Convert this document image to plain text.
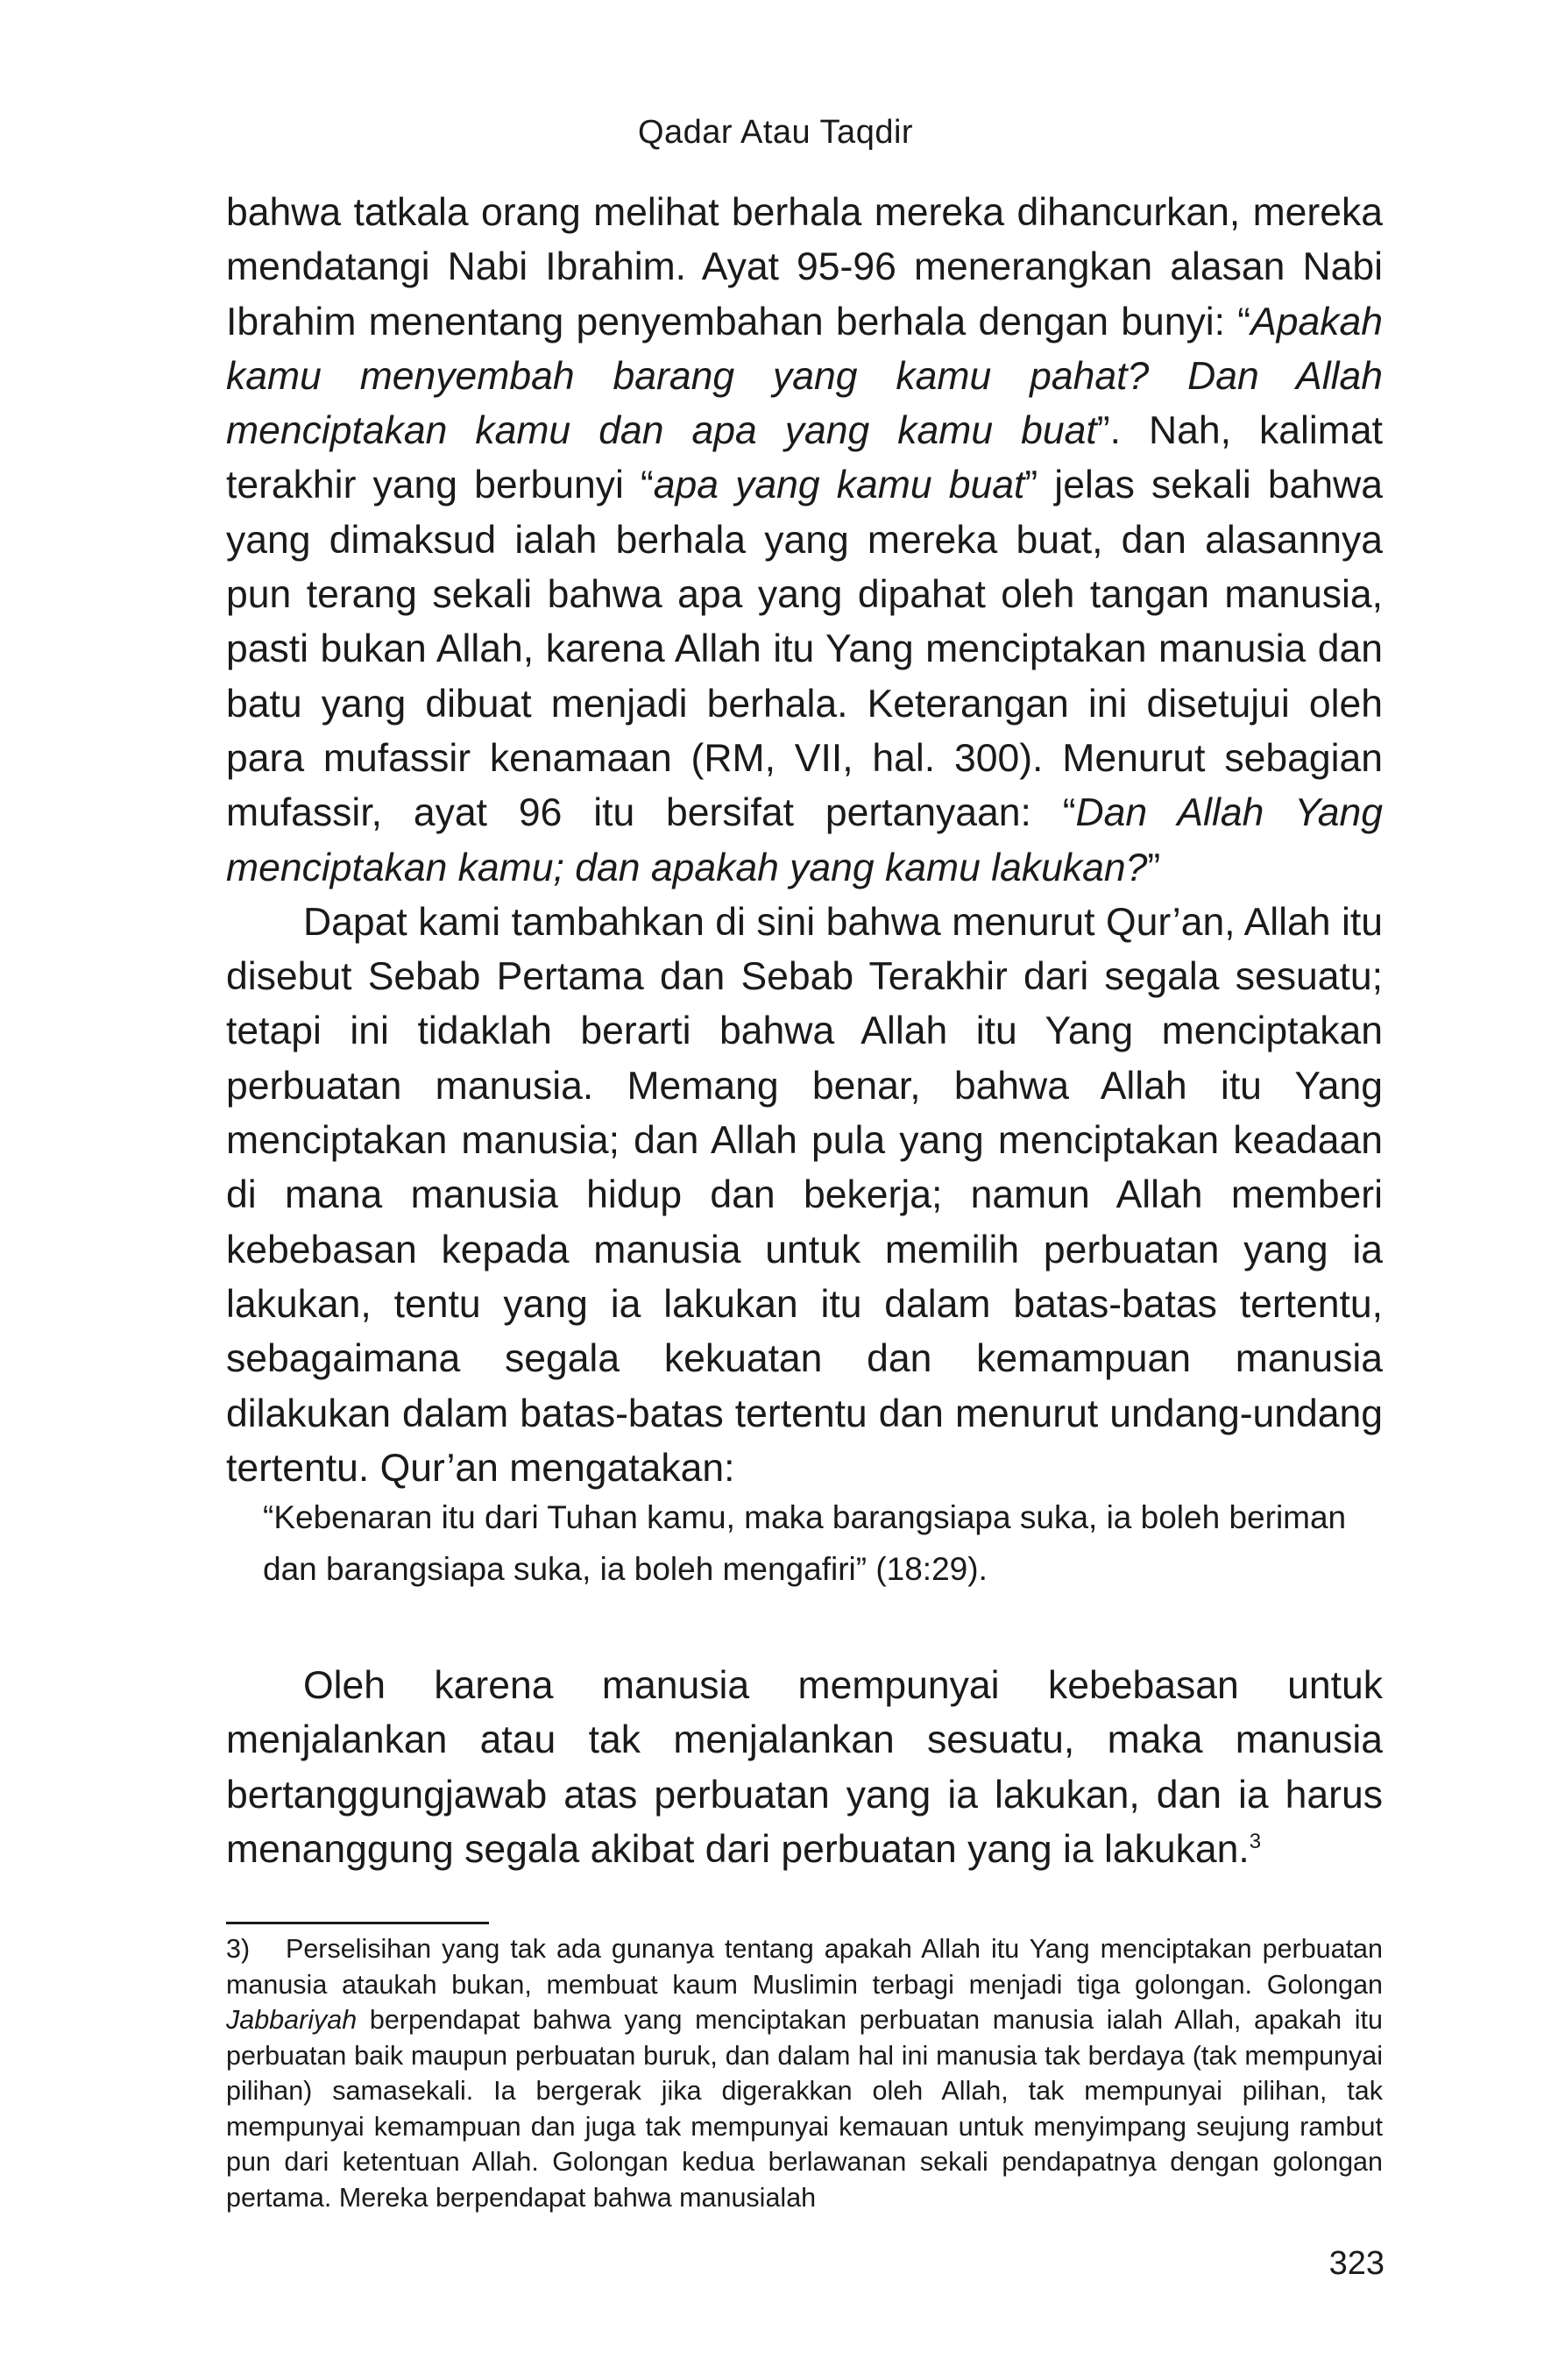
Qadar Atau Taqdir

bahwa tatkala orang melihat berhala mereka dihancurkan, mereka mendatangi Nabi Ibrahim. Ayat 95-96 menerangkan alasan Nabi Ibrahim menentang penyembahan berhala dengan bunyi: “Apakah kamu menyembah barang yang kamu pahat? Dan Allah menciptakan kamu dan apa yang kamu buat”. Nah, kalimat terakhir yang berbunyi “apa yang kamu buat” jelas sekali bahwa yang dimaksud ialah berhala yang mereka buat, dan alasannya pun terang sekali bahwa apa yang dipahat oleh tangan manusia, pasti bukan Allah, karena Allah itu Yang menciptakan manusia dan batu yang dibuat menjadi berhala. Keterangan ini disetujui oleh para mufassir kenamaan (RM, VII, hal. 300). Menurut sebagian mufassir, ayat 96 itu bersifat pertanyaan: “Dan Allah Yang menciptakan kamu; dan apakah yang kamu lakukan?”

Dapat kami tambahkan di sini bahwa menurut Qur’an, Allah itu disebut Sebab Pertama dan Sebab Terakhir dari segala sesuatu; tetapi ini tidaklah berarti bahwa Allah itu Yang menciptakan perbuatan manusia. Memang benar, bahwa Allah itu Yang menciptakan manusia; dan Allah pula yang menciptakan keadaan di mana manusia hidup dan bekerja; namun Allah memberi kebebasan kepada manusia untuk memilih perbuatan yang ia lakukan, tentu yang ia lakukan itu dalam batas-batas tertentu, sebagaimana segala kekuatan dan kemampuan manusia dilakukan dalam batas-batas tertentu dan menurut undang-undang tertentu. Qur’an mengatakan:

“Kebenaran itu dari Tuhan kamu, maka barangsiapa suka, ia boleh beriman dan barangsiapa suka, ia boleh mengafiri” (18:29).

Oleh karena manusia mempunyai kebebasan untuk menjalankan atau tak menjalankan sesuatu, maka manusia bertanggungjawab atas perbuatan yang ia lakukan, dan ia harus menanggung segala akibat dari perbuatan yang ia lakukan.$^3$

3) Perselisihan yang tak ada gunanya tentang apakah Allah itu Yang menciptakan perbuatan manusia ataukah bukan, membuat kaum Muslimin terbagi menjadi tiga golongan. Golongan Jabbariyah berpendapat bahwa yang menciptakan perbuatan manusia ialah Allah, apakah itu perbuatan baik maupun perbuatan buruk, dan dalam hal ini manusia tak berdaya (tak mempunyai pilihan) samasekali. Ia bergerak jika digerakkan oleh Allah, tak mempunyai pilihan, tak mempunyai kemampuan dan juga tak mempunyai kemauan untuk menyimpang seujung rambut pun dari ketentuan Allah. Golongan kedua berlawanan sekali pendapatnya dengan golongan pertama. Mereka berpendapat bahwa manusialah

323
